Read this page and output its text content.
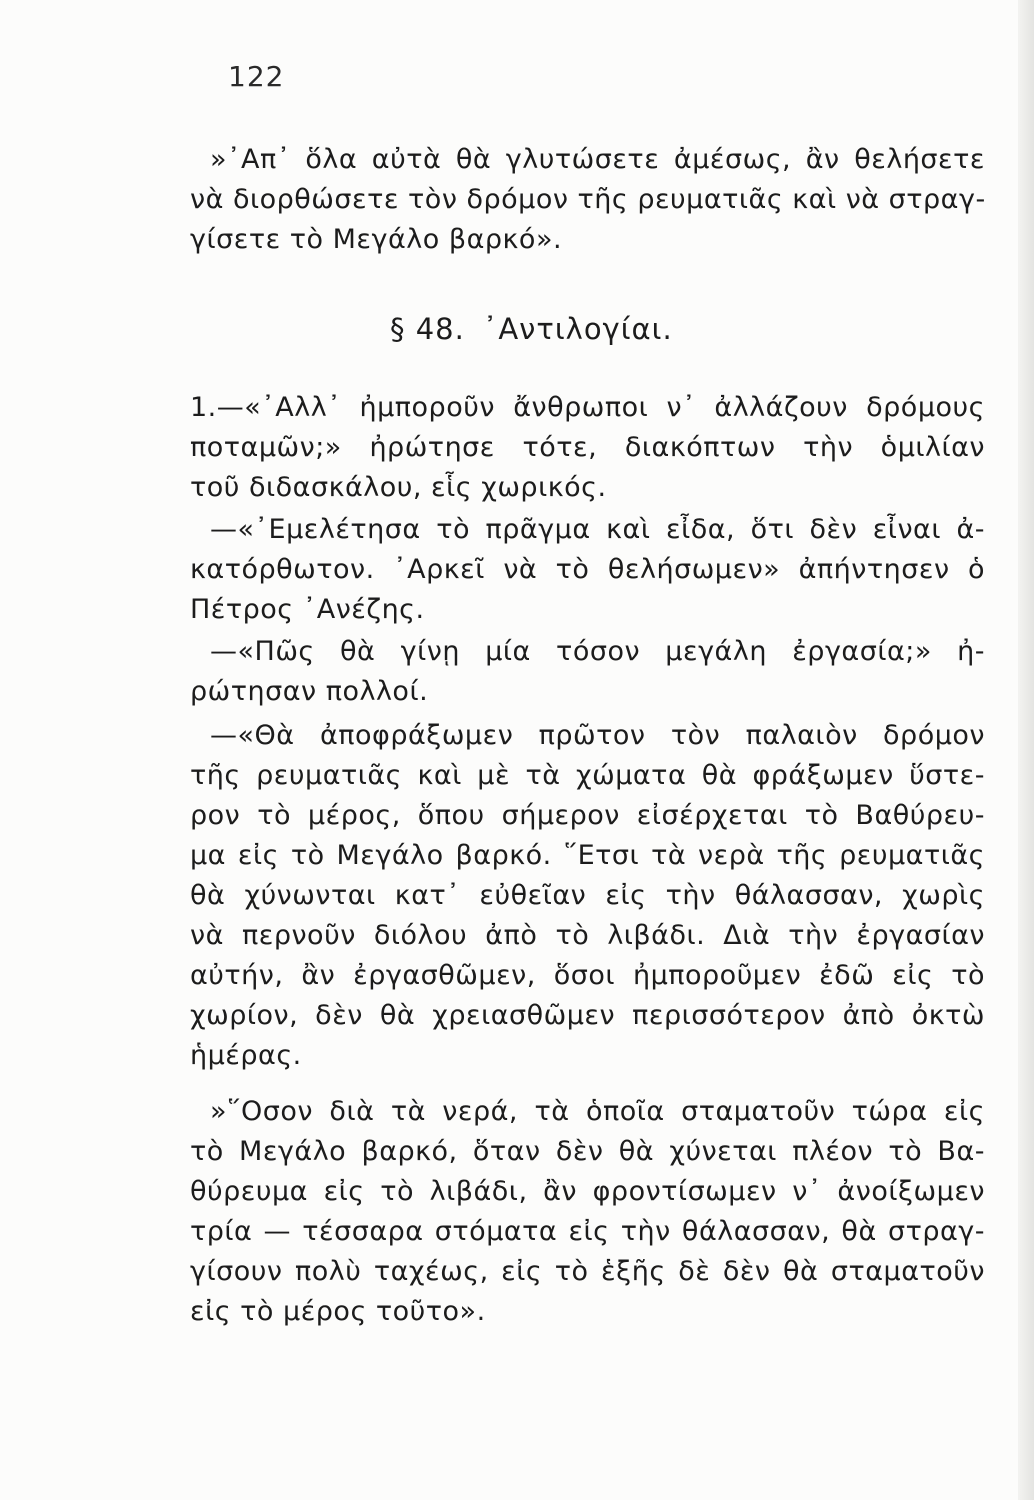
122
»᾿Απ᾿ ὅλα αὐτὰ θὰ γλυτώσετε ἀμέσως, ἂν θελήσετε
νὰ διορθώσετε τὸν δρόμον τῆς ρευματιᾶς καὶ νὰ στραγ-
γίσετε τὸ Μεγάλο βαρκό».
§ 48. ᾿Αντιλογίαι.
1.—«᾿Αλλ᾿ ἠμποροῦν ἄνθρωποι ν᾿ ἀλλάζουν δρόμους
ποταμῶν;» ἠρώτησε τότε, διακόπτων τὴν ὁμιλίαν
τοῦ διδασκάλου, εἷς χωρικός.
—«᾿Εμελέτησα τὸ πρᾶγμα καὶ εἶδα, ὅτι δὲν εἶναι ἀ-
κατόρθωτον. ᾿Αρκεῖ νὰ τὸ θελήσωμεν» ἀπήντησεν ὁ
Πέτρος ᾿Ανέζης.
—«Πῶς θὰ γίνῃ μία τόσον μεγάλη ἐργασία;» ἠ-
ρώτησαν πολλοί.
—«Θὰ ἀποφράξωμεν πρῶτον τὸν παλαιὸν δρόμον
τῆς ρευματιᾶς καὶ μὲ τὰ χώματα θὰ φράξωμεν ὕστε-
ρον τὸ μέρος, ὅπου σήμερον εἰσέρχεται τὸ Βαθύρευ-
μα εἰς τὸ Μεγάλο βαρκό. ῞Ετσι τὰ νερὰ τῆς ρευματιᾶς
θὰ χύνωνται κατ᾿ εὐθεῖαν εἰς τὴν θάλασσαν, χωρὶς
νὰ περνοῦν διόλου ἀπὸ τὸ λιβάδι. Διὰ τὴν ἐργασίαν
αὐτήν, ἂν ἐργασθῶμεν, ὅσοι ἠμποροῦμεν ἐδῶ εἰς τὸ
χωρίον, δὲν θὰ χρειασθῶμεν περισσότερον ἀπὸ ὀκτὼ
ἡμέρας.
»῞Οσον διὰ τὰ νερά, τὰ ὁποῖα σταματοῦν τώρα εἰς
τὸ Μεγάλο βαρκό, ὅταν δὲν θὰ χύνεται πλέον τὸ Βα-
θύρευμα εἰς τὸ λιβάδι, ἂν φροντίσωμεν ν᾿ ἀνοίξωμεν
τρία — τέσσαρα στόματα εἰς τὴν θάλασσαν, θὰ στραγ-
γίσουν πολὺ ταχέως, εἰς τὸ ἑξῆς δὲ δὲν θὰ σταματοῦν
εἰς τὸ μέρος τοῦτο».
